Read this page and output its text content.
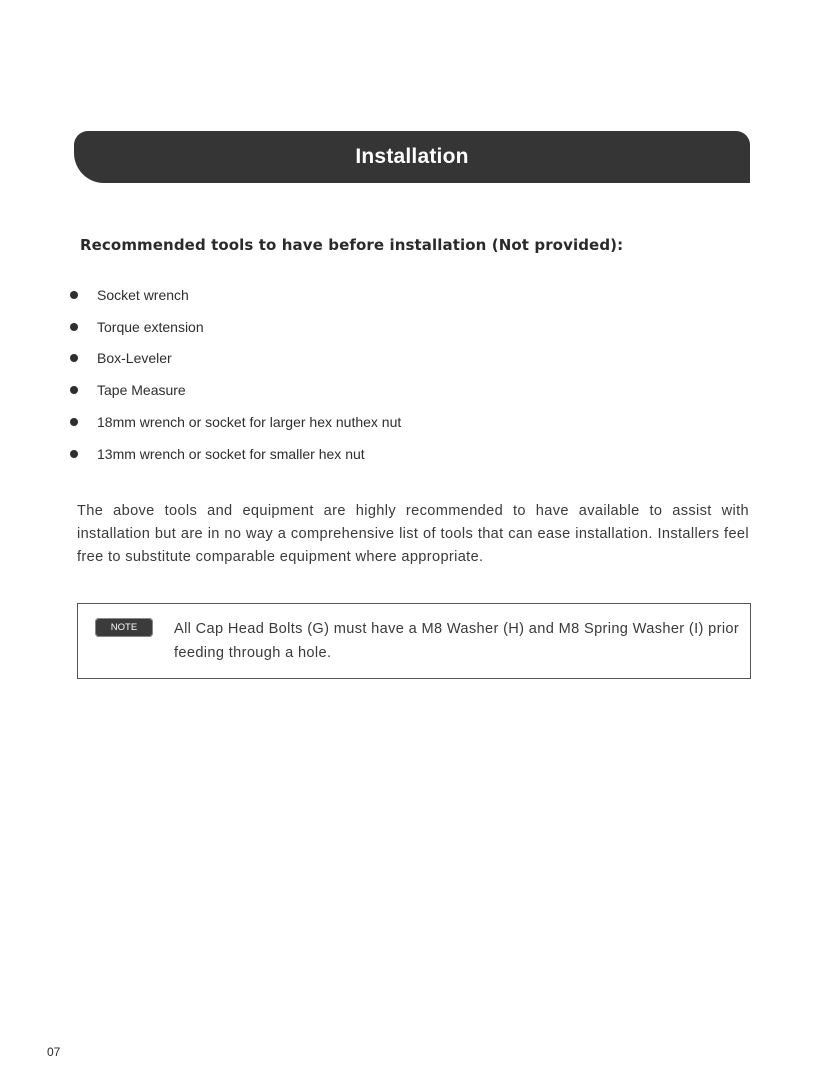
Installation
Recommended tools to have before installation (Not provided):
Socket wrench
Torque extension
Box-Leveler
Tape Measure
18mm wrench or socket for larger hex nuthex nut
13mm wrench or socket for smaller hex nut

The above tools and equipment are highly recommended to have available to assist with installation but are in no way a comprehensive list of tools that can ease installation. Installers feel free to substitute comparable equipment where appropriate.

NOTE	All Cap Head Bolts (G) must have a M8 Washer (H) and M8 Spring Washer (I) prior feeding through a hole.

07
